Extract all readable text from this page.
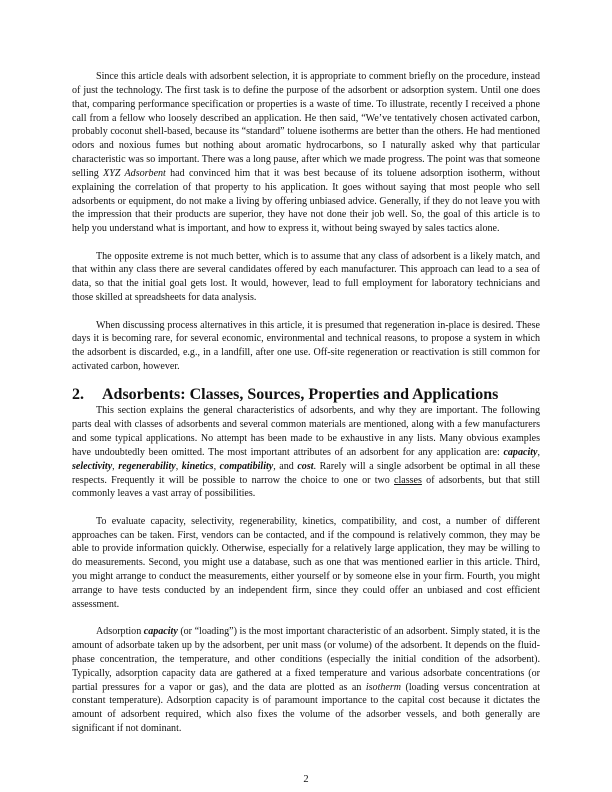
Since this article deals with adsorbent selection, it is appropriate to comment briefly on the procedure, instead of just the technology. The first task is to define the purpose of the adsorbent or adsorption system. Until one does that, comparing performance specification or properties is a waste of time. To illustrate, recently I received a phone call from a fellow who loosely described an application. He then said, “We’ve tentatively chosen activated carbon, probably coconut shell-based, because its “standard” toluene isotherms are better than the others. He had mentioned odors and noxious fumes but nothing about aromatic hydrocarbons, so I naturally asked why that particular characteristic was so important. There was a long pause, after which we made progress. The point was that someone selling XYZ Adsorbent had convinced him that it was best because of its toluene adsorption isotherm, without explaining the correlation of that property to his application. It goes without saying that most people who sell adsorbents or equipment, do not make a living by offering unbiased advice. Generally, if they do not leave you with the impression that their products are superior, they have not done their job well. So, the goal of this article is to help you understand what is important, and how to express it, without being swayed by sales tactics alone.

The opposite extreme is not much better, which is to assume that any class of adsorbent is a likely match, and that within any class there are several candidates offered by each manufacturer. This approach can lead to a sea of data, so that the initial goal gets lost. It would, however, lead to full employment for laboratory technicians and those skilled at spreadsheets for data analysis.

When discussing process alternatives in this article, it is presumed that regeneration in-place is desired. These days it is becoming rare, for several economic, environmental and technical reasons, to propose a system in which the adsorbent is discarded, e.g., in a landfill, after one use. Off-site regeneration or reactivation is still common for activated carbon, however.

2. Adsorbents: Classes, Sources, Properties and Applications

This section explains the general characteristics of adsorbents, and why they are important. The following parts deal with classes of adsorbents and several common materials are mentioned, along with a few manufacturers and some typical applications. No attempt has been made to be exhaustive in any lists. Many obvious examples have undoubtedly been omitted. The most important attributes of an adsorbent for any application are: capacity, selectivity, regenerability, kinetics, compatibility, and cost. Rarely will a single adsorbent be optimal in all these respects. Frequently it will be possible to narrow the choice to one or two classes of adsorbents, but that still commonly leaves a vast array of possibilities.

To evaluate capacity, selectivity, regenerability, kinetics, compatibility, and cost, a number of different approaches can be taken. First, vendors can be contacted, and if the compound is relatively common, they may be able to provide information quickly. Otherwise, especially for a relatively large application, they may be willing to do measurements. Second, you might use a database, such as one that was mentioned earlier in this article. Third, you might arrange to conduct the measurements, either yourself or by someone else in your firm. Fourth, you might arrange to have tests conducted by an independent firm, since they could offer an unbiased and cost efficient assessment.

Adsorption capacity (or “loading”) is the most important characteristic of an adsorbent. Simply stated, it is the amount of adsorbate taken up by the adsorbent, per unit mass (or volume) of the adsorbent. It depends on the fluid-phase concentration, the temperature, and other conditions (especially the initial condition of the adsorbent). Typically, adsorption capacity data are gathered at a fixed temperature and various adsorbate concentrations (or partial pressures for a vapor or gas), and the data are plotted as an isotherm (loading versus concentration at constant temperature). Adsorption capacity is of paramount importance to the capital cost because it dictates the amount of adsorbent required, which also fixes the volume of the adsorber vessels, and both generally are significant if not dominant.

2
